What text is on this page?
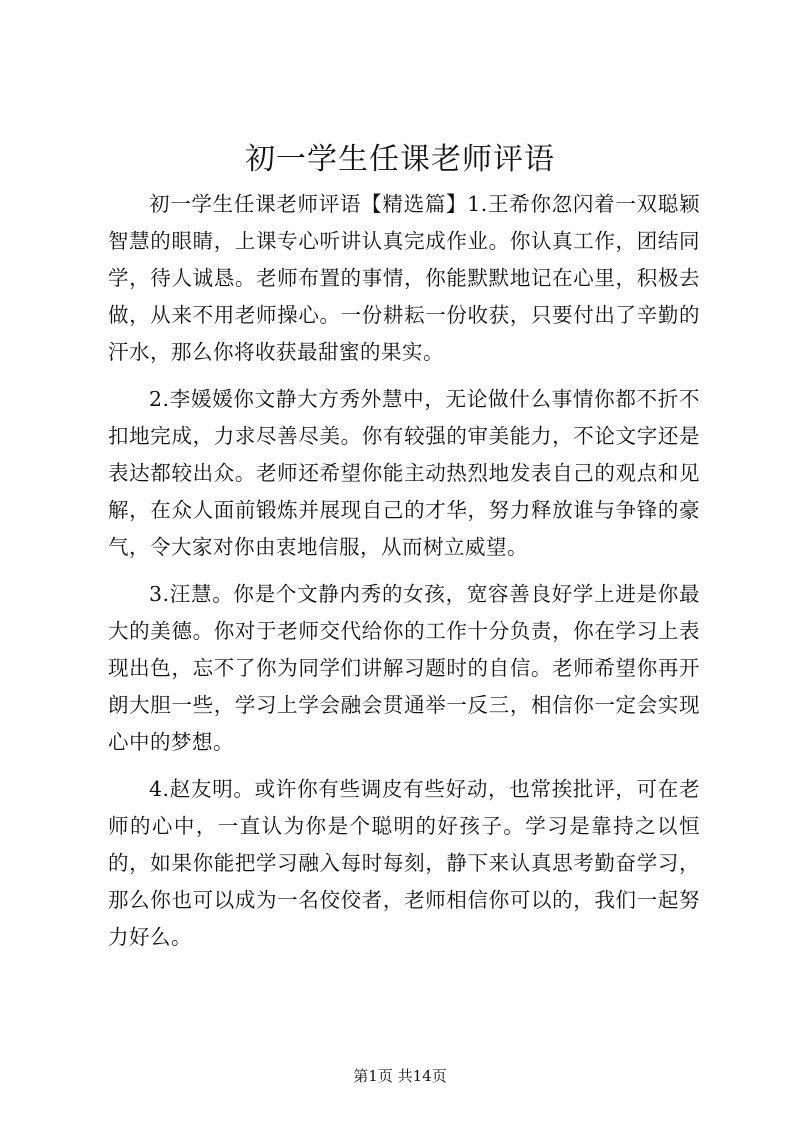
初一学生任课老师评语

初一学生任课老师评语【精选篇】1.王希你忽闪着一双聪颖智慧的眼睛，上课专心听讲认真完成作业。你认真工作，团结同学，待人诚恳。老师布置的事情，你能默默地记在心里，积极去做，从来不用老师操心。一份耕耘一份收获，只要付出了辛勤的汗水，那么你将收获最甜蜜的果实。

2.李媛媛你文静大方秀外慧中，无论做什么事情你都不折不扣地完成，力求尽善尽美。你有较强的审美能力，不论文字还是表达都较出众。老师还希望你能主动热烈地发表自己的观点和见解，在众人面前锻炼并展现自己的才华，努力释放谁与争锋的豪气，令大家对你由衷地信服，从而树立威望。

3.汪慧。你是个文静内秀的女孩，宽容善良好学上进是你最大的美德。你对于老师交代给你的工作十分负责，你在学习上表现出色，忘不了你为同学们讲解习题时的自信。老师希望你再开朗大胆一些，学习上学会融会贯通举一反三，相信你一定会实现心中的梦想。

4.赵友明。或许你有些调皮有些好动，也常挨批评，可在老师的心中，一直认为你是个聪明的好孩子。学习是靠持之以恒的，如果你能把学习融入每时每刻，静下来认真思考勤奋学习，那么你也可以成为一名佼佼者，老师相信你可以的，我们一起努力好么。

第1页 共14页
